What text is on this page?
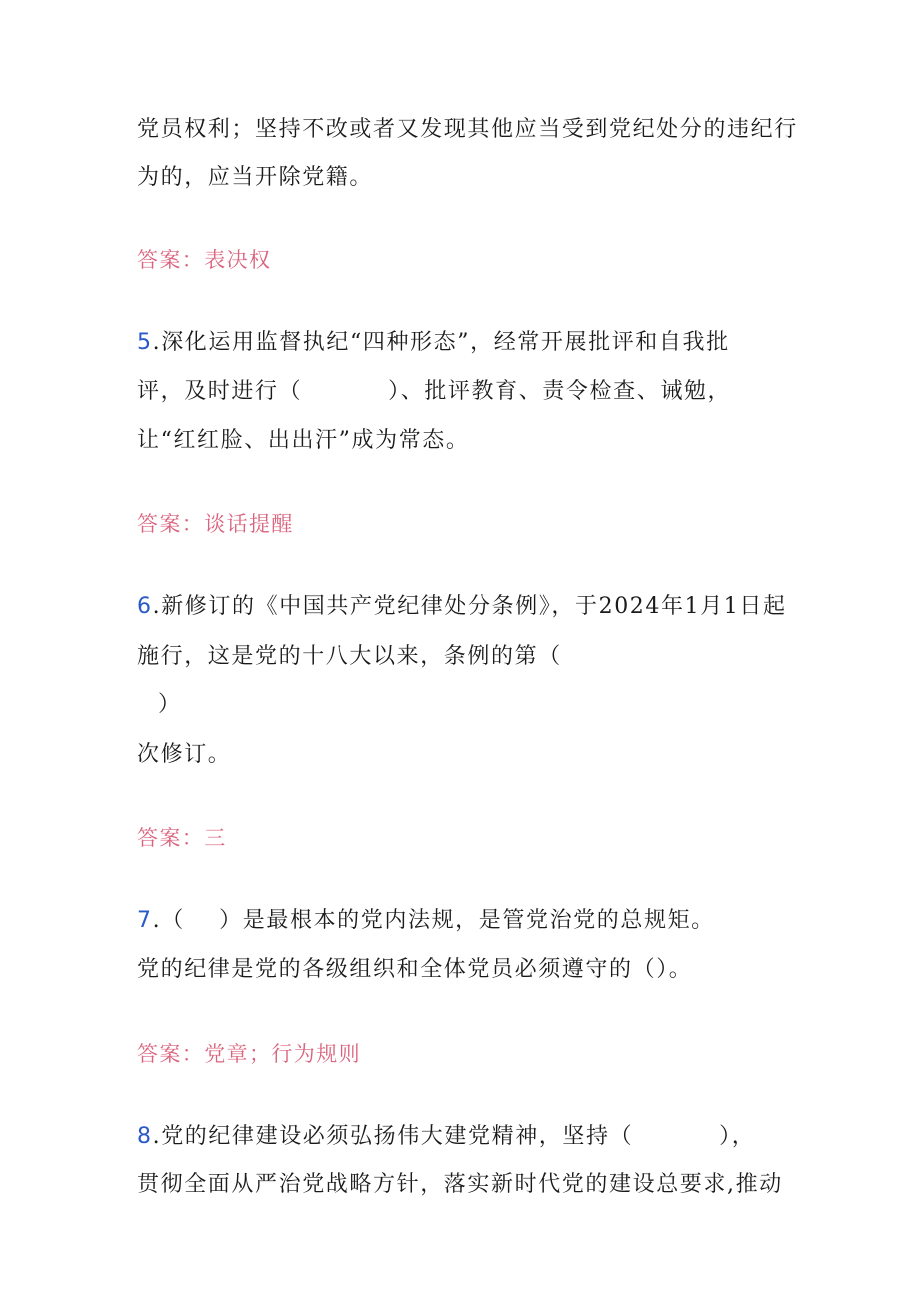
党员权利；坚持不改或者又发现其他应当受到党纪处分的违纪行
为的，应当开除党籍。
答案：表决权
5.深化运用监督执纪“四种形态”，经常开展批评和自我批
评，及时进行（          ）、批评教育、责令检查、诫勉，
让“红红脸、出出汗”成为常态。
答案：谈话提醒
6.新修订的《中国共产党纪律处分条例》，于2024年1月1日起
施行，这是党的十八大以来，条例的第（
）
次修订。
答案：三
7.（    ）是最根本的党内法规，是管党治党的总规矩。
党的纪律是党的各级组织和全体党员必须遵守的（）。
答案：党章；行为规则
8.党的纪律建设必须弘扬伟大建党精神，坚持（          ），
贯彻全面从严治党战略方针，落实新时代党的建设总要求,推动
